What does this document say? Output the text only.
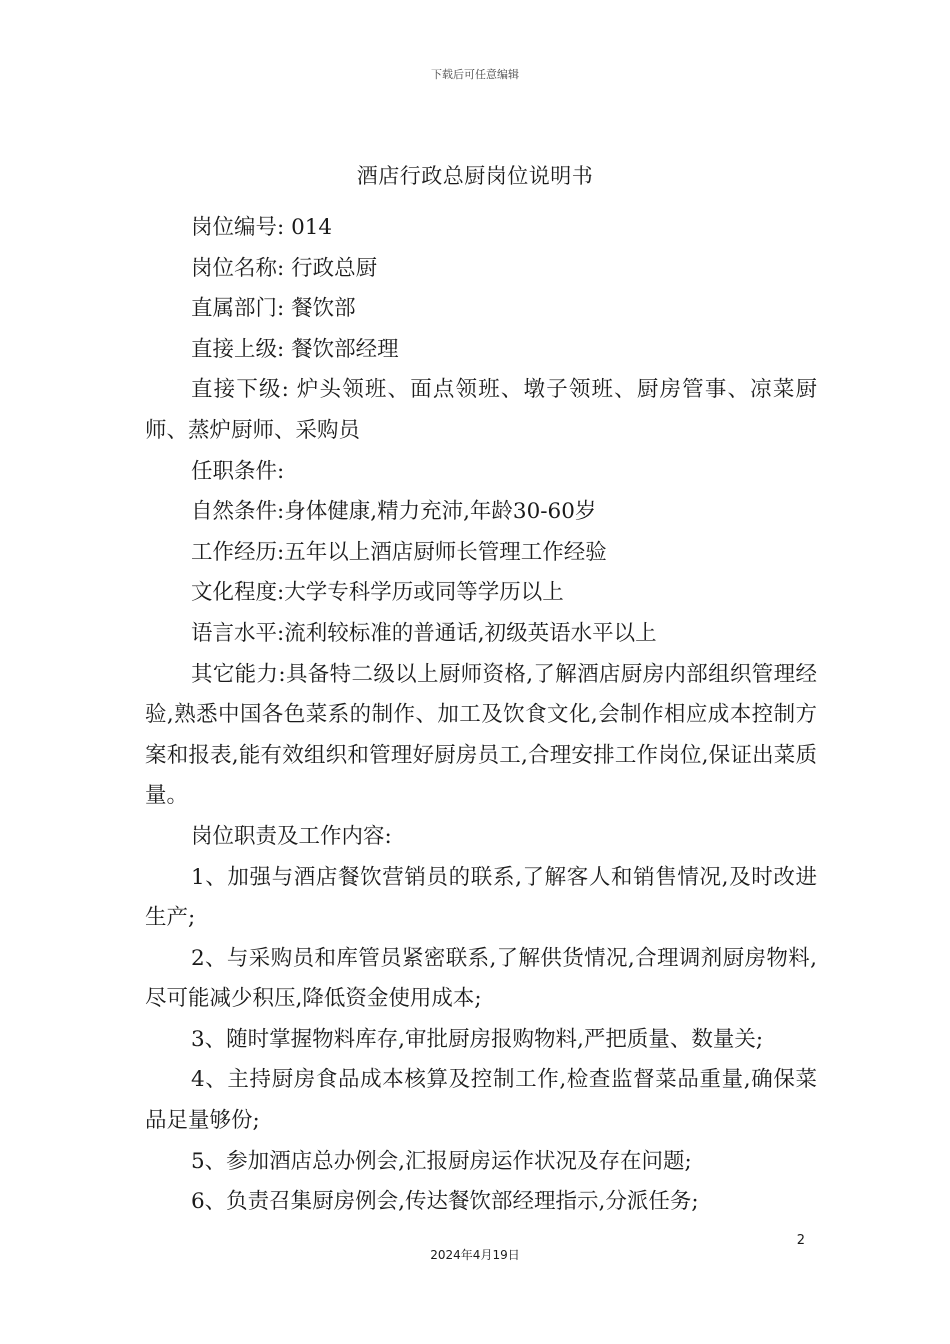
下载后可任意编辑
酒店行政总厨岗位说明书

岗位编号: 014

岗位名称: 行政总厨

直属部门: 餐饮部

直接上级: 餐饮部经理

直接下级: 炉头领班、面点领班、墩子领班、厨房管事、凉菜厨师、蒸炉厨师、采购员

任职条件:

自然条件:身体健康,精力充沛,年龄30-60岁

工作经历:五年以上酒店厨师长管理工作经验

文化程度:大学专科学历或同等学历以上

语言水平:流利较标准的普通话,初级英语水平以上

其它能力:具备特二级以上厨师资格,了解酒店厨房内部组织管理经验,熟悉中国各色菜系的制作、加工及饮食文化,会制作相应成本控制方案和报表,能有效组织和管理好厨房员工,合理安排工作岗位,保证出菜质量。

岗位职责及工作内容:

1、加强与酒店餐饮营销员的联系,了解客人和销售情况,及时改进生产;

2、与采购员和库管员紧密联系,了解供货情况,合理调剂厨房物料,尽可能减少积压,降低资金使用成本;

3、随时掌握物料库存,审批厨房报购物料,严把质量、数量关;

4、主持厨房食品成本核算及控制工作,检查监督菜品重量,确保菜品足量够份;

5、参加酒店总办例会,汇报厨房运作状况及存在问题;

6、负责召集厨房例会,传达餐饮部经理指示,分派任务;

2
2024年4月19日
